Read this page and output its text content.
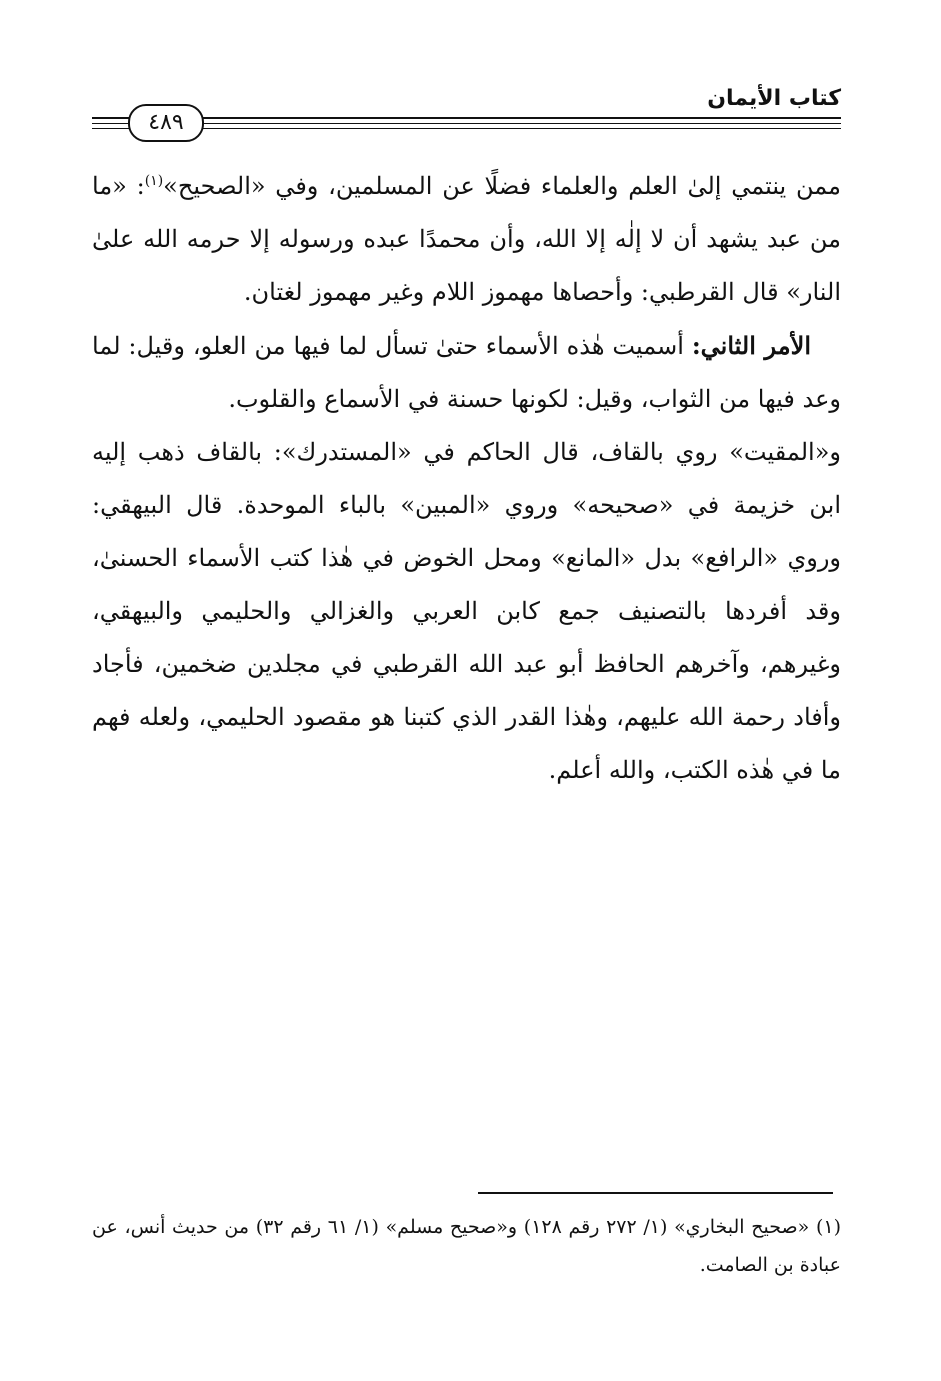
كتاب الأيمان
٤٨٩

ممن ينتمي إلىٰ العلم والعلماء فضلًا عن المسلمين، وفي «الصحيح»$^{(١)}$: «ما من عبد يشهد أن لا إلٰه إلا الله، وأن محمدًا عبده ورسوله إلا حرمه الله علىٰ النار» قال القرطبي: وأحصاها مهموز اللام وغير مهموز لغتان.

الأمر الثاني: أسميت هٰذه الأسماء حتىٰ تسأل لما فيها من العلو، وقيل: لما وعد فيها من الثواب، وقيل: لكونها حسنة في الأسماع والقلوب.

و«المقيت» روي بالقاف، قال الحاكم في «المستدرك»: بالقاف ذهب إليه ابن خزيمة في «صحيحه» وروي «المبين» بالباء الموحدة. قال البيهقي: وروي «الرافع» بدل «المانع» ومحل الخوض في هٰذا كتب الأسماء الحسنىٰ، وقد أفردها بالتصنيف جمع كابن العربي والغزالي والحليمي والبيهقي، وغيرهم، وآخرهم الحافظ أبو عبد الله القرطبي في مجلدين ضخمين، فأجاد وأفاد رحمة الله عليهم، وهٰذا القدر الذي كتبنا هو مقصود الحليمي، ولعله فهم ما في هٰذه الكتب، والله أعلم.

(١) «صحيح البخاري» (١/ ٢٧٢ رقم ١٢٨) و«صحيح مسلم» (١/ ٦١ رقم ٣٢) من حديث أنس، عن عبادة بن الصامت.
